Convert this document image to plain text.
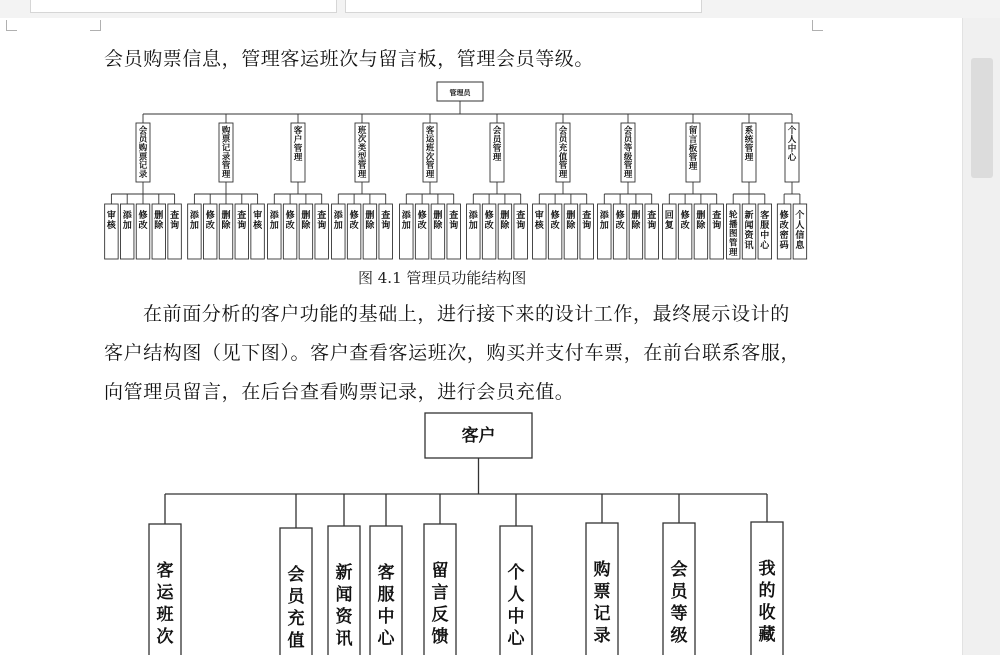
会员购票信息，管理客运班次与留言板，管理会员等级。
管理员
会员购票记录
审核
添加
修改
删除
查询
购票记录管理
添加
修改
删除
查询
审核
客户管理
添加
修改
删除
查询
班次类型管理
添加
修改
删除
查询
客运班次管理
添加
修改
删除
查询
会员管理
添加
修改
删除
查询
会员充值管理
审核
修改
删除
查询
会员等级管理
添加
修改
删除
查询
留言板管理
回复
修改
删除
查询
系统管理
轮播图管理
新闻资讯
客服中心
个人中心
修改密码
个人信息
图 4.1 管理员功能结构图
在前面分析的客户功能的基础上，进行接下来的设计工作，最终展示设计的
客户结构图（见下图）。客户查看客运班次，购买并支付车票，在前台联系客服，
向管理员留言，在后台查看购票记录，进行会员充值。
客户
客运班次
会员充值
新闻资讯
客服中心
留言反馈
个人中心
购票记录
会员等级
我的收藏
